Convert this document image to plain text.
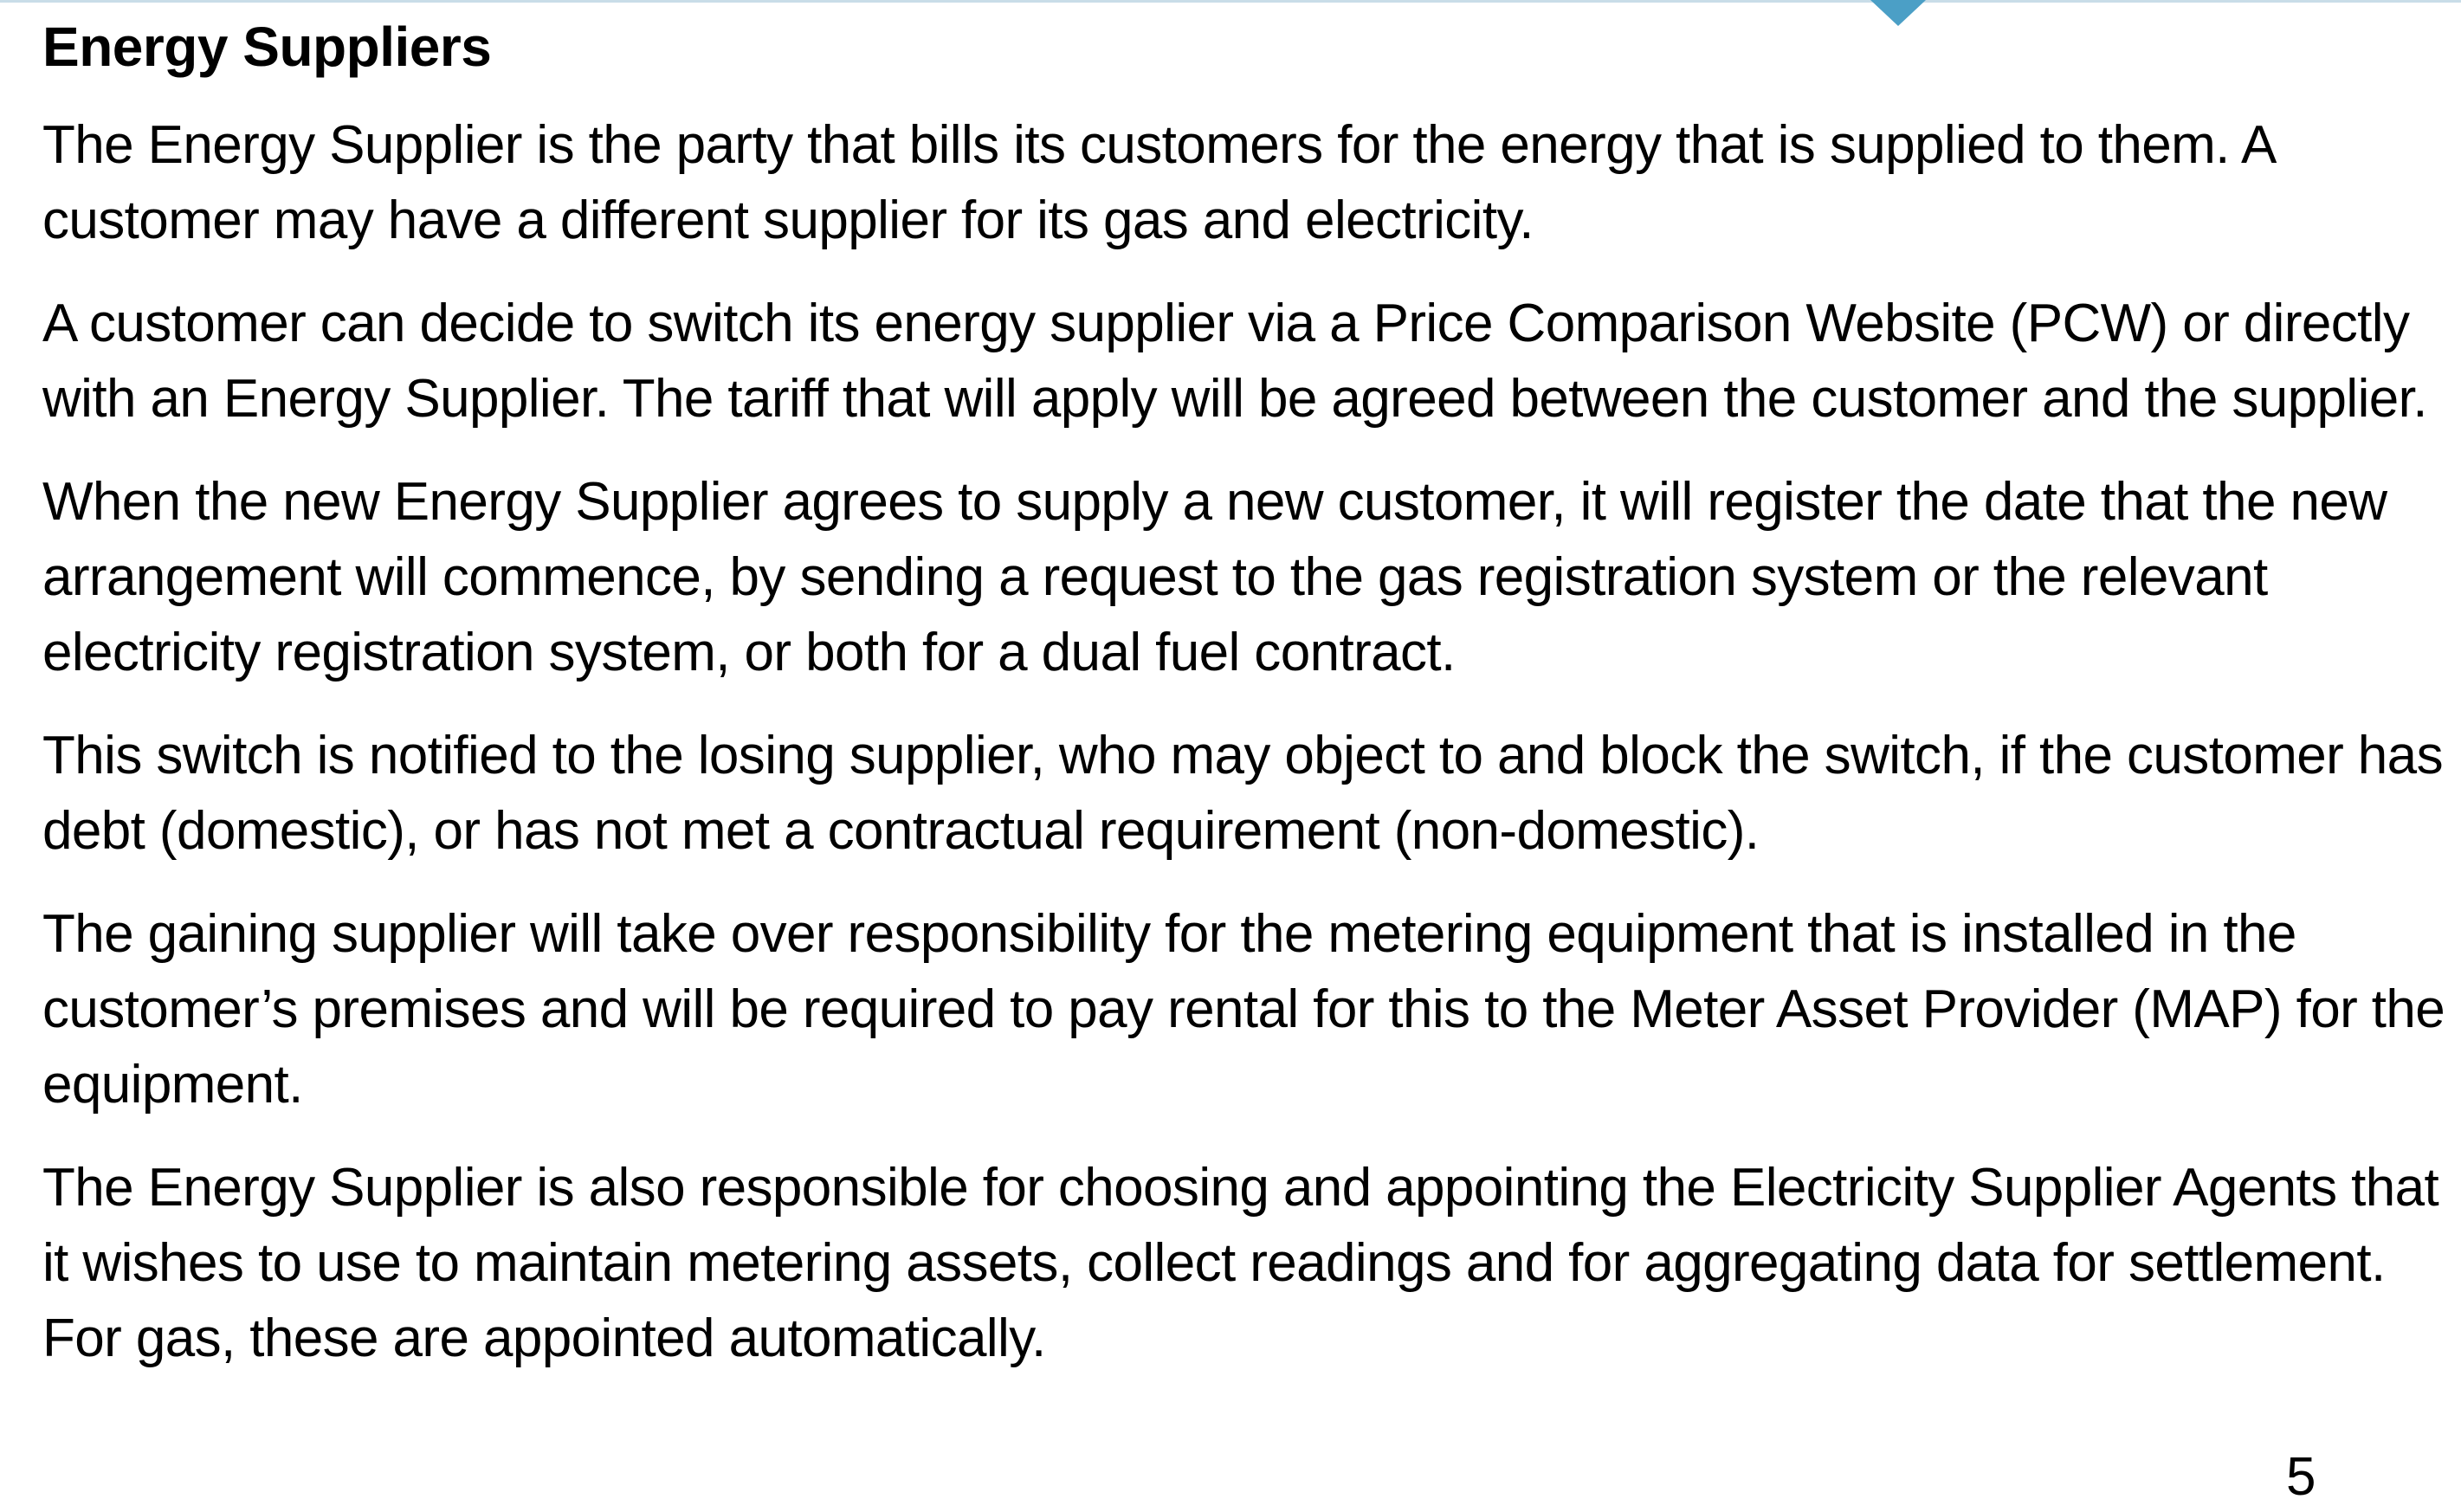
Energy Suppliers

The Energy Supplier is the party that bills its customers for the energy that is supplied to them. A customer may have a different supplier for its gas and electricity.

A customer can decide to switch its energy supplier via a Price Comparison Website (PCW) or directly with an Energy Supplier. The tariff that will apply will be agreed between the customer and the supplier.

When the new Energy Supplier agrees to supply a new customer, it will register the date that the new arrangement will commence, by sending a request to the gas registration system or the relevant electricity registration system, or both for a dual fuel contract.

This switch is notified to the losing supplier, who may object to and block the switch, if the customer has debt (domestic), or has not met a contractual requirement (non-domestic).

The gaining supplier will take over responsibility for the metering equipment that is installed in the customer’s premises and will be required to pay rental for this to the Meter Asset Provider (MAP) for the equipment.

The Energy Supplier is also responsible for choosing and appointing the Electricity Supplier Agents that it wishes to use to maintain metering assets, collect readings and for aggregating data for settlement. For gas, these are appointed automatically.

5
